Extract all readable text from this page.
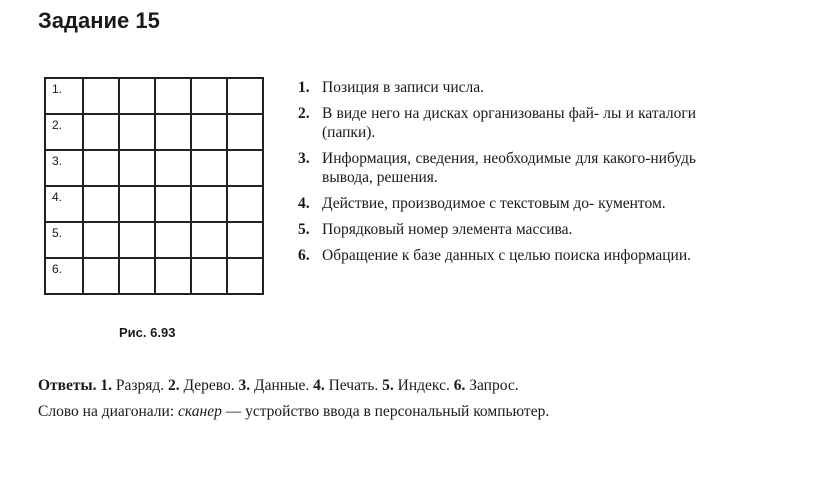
Задание 15
1.					
2.					
3.					
4.					
5.					
6.					
Рис. 6.93
1. Позиция в записи числа.
2. В виде него на дисках организованы фай- лы и каталоги (папки).
3. Информация, сведения, необходимые для какого-нибудь вывода, решения.
4. Действие, производимое с текстовым до- кументом.
5. Порядковый номер элемента массива.
6. Обращение к базе данных с целью поиска информации.
Ответы. 1. Разряд. 2. Дерево. 3. Данные. 4. Печать. 5. Индекс. 6. Запрос.
Слово на диагонали: сканер — устройство ввода в персональный компьютер.
